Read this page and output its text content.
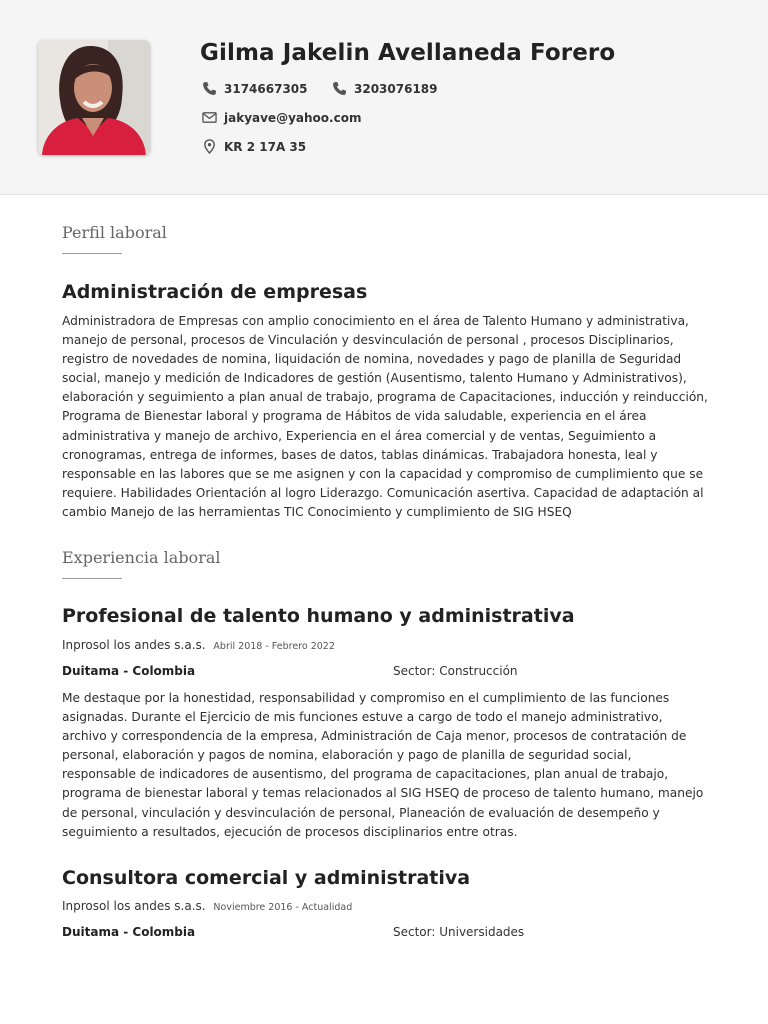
Gilma Jakelin Avellaneda Forero
3174667305	3203076189
jakyave@yahoo.com
KR 2 17A 35
Perfil laboral
Administración de empresas

Administradora de Empresas con amplio conocimiento en el área de Talento Humano y administrativa, manejo de personal, procesos de Vinculación y desvinculación de personal , procesos Disciplinarios, registro de novedades de nomina, liquidación de nomina, novedades y pago de planilla de Seguridad social, manejo y medición de Indicadores de gestión (Ausentismo, talento Humano y Administrativos), elaboración y seguimiento a plan anual de trabajo, programa de Capacitaciones, inducción y reinducción, Programa de Bienestar laboral y programa de Hábitos de vida saludable, experiencia en el área administrativa y manejo de archivo, Experiencia en el área comercial y de ventas, Seguimiento a cronogramas, entrega de informes, bases de datos, tablas dinámicas. Trabajadora honesta, leal y responsable en las labores que se me asignen y con la capacidad y compromiso de cumplimiento que se requiere. Habilidades Orientación al logro Liderazgo. Comunicación asertiva. Capacidad de adaptación al cambio Manejo de las herramientas TIC Conocimiento y cumplimiento de SIG HSEQ

Experiencia laboral
Profesional de talento humano y administrativa
Inprosol los andes s.a.s. Abril 2018 - Febrero 2022
Duitama - Colombia	Sector: Construcción

Me destaque por la honestidad, responsabilidad y compromiso en el cumplimiento de las funciones asignadas. Durante el Ejercicio de mis funciones estuve a cargo de todo el manejo administrativo, archivo y correspondencia de la empresa, Administración de Caja menor, procesos de contratación de personal, elaboración y pagos de nomina, elaboración y pago de planilla de seguridad social, responsable de indicadores de ausentismo, del programa de capacitaciones, plan anual de trabajo, programa de bienestar laboral y temas relacionados al SIG HSEQ de proceso de talento humano, manejo de personal, vinculación y desvinculación de personal, Planeación de evaluación de desempeño y seguimiento a resultados, ejecución de procesos disciplinarios entre otras.

Consultora comercial y administrativa
Inprosol los andes s.a.s. Noviembre 2016 - Actualidad
Duitama - Colombia	Sector: Universidades
